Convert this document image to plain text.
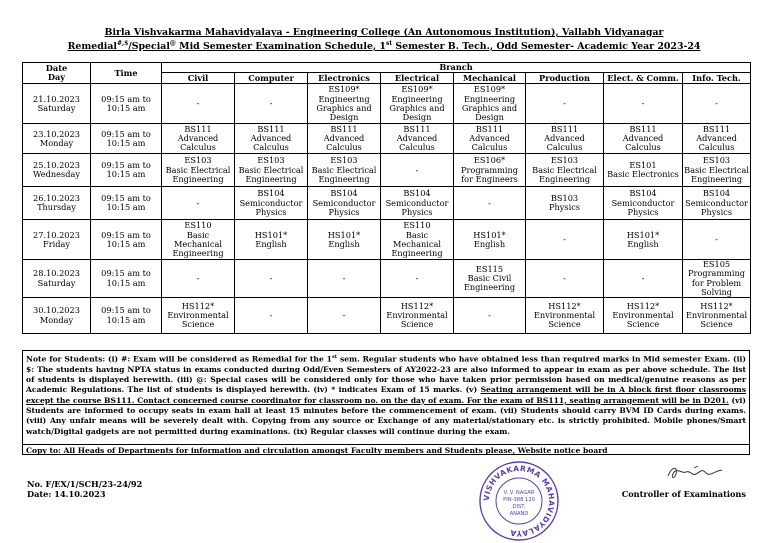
Birla Vishvakarma Mahavidyalaya - Engineering College (An Autonomous Institution), Vallabh Vidyanagar
Remedial#,$/Special@ Mid Semester Examination Schedule, 1st Semester B. Tech., Odd Semester- Academic Year 2023-24
Date
Day	Time	Branch							
		Civil	Computer	Electronics	Electrical	Mechanical	Production	Elect. & Comm.	Info. Tech.

21.10.2023
Saturday	09:15 am to
10:15 am	-	-	ES109*
Engineering
Graphics and
Design	ES109*
Engineering
Graphics and
Design	ES109*
Engineering
Graphics and
Design	-	-	-

23.10.2023
Monday	09:15 am to
10:15 am	BS111
Advanced
Calculus	BS111
Advanced
Calculus	BS111
Advanced
Calculus	BS111
Advanced
Calculus	BS111
Advanced
Calculus	BS111
Advanced
Calculus	BS111
Advanced
Calculus	BS111
Advanced
Calculus

25.10.2023
Wednesday	09:15 am to
10:15 am	ES103
Basic Electrical
Engineering	ES103
Basic Electrical
Engineering	ES103
Basic Electrical
Engineering	-	ES106*
Programming
for Engineers	ES103
Basic Electrical
Engineering	ES101
Basic Electronics	ES103
Basic Electrical
Engineering

26.10.2023
Thursday	09:15 am to
10:15 am	-	BS104
Semiconductor
Physics	BS104
Semiconductor
Physics	BS104
Semiconductor
Physics	-	BS103
Physics	BS104
Semiconductor
Physics	BS104
Semiconductor
Physics

27.10.2023
Friday	09:15 am to
10:15 am	ES110
Basic
Mechanical
Engineering	HS101*
English	HS101*
English	ES110
Basic
Mechanical
Engineering	HS101*
English	-	HS101*
English	-

28.10.2023
Saturday	09:15 am to
10:15 am	-	-	-	-	ES115
Basic Civil
Engineering	-	-	ES105
Programming
for Problem
Solving

30.10.2023
Monday	09:15 am to
10:15 am	HS112*
Environmental
Science	-	-	HS112*
Environmental
Science	-	HS112*
Environmental
Science	HS112*
Environmental
Science	HS112*
Environmental
Science
Note for Students: (i) #: Exam will be considered as Remedial for the 1st sem. Regular students who have obtained less than required marks in Mid semester Exam. (ii) $: The students having NPTA status in exams conducted during Odd/Even Semesters of AY2022-23 are also informed to appear in exam as per above schedule. The list of students is displayed herewith. (iii) @: Special cases will be considered only for those who have taken prior permission based on medical/genuine reasons as per Academic Regulations. The list of students is displayed herewith. (iv) * indicates Exam of 15 marks. (v) Seating arrangement will be in A block first floor classrooms except the course BS111. Contact concerned course coordinator for classroom no. on the day of exam. For the exam of BS111, seating arrangement will be in D201. (vi) Students are informed to occupy seats in exam hall at least 15 minutes before the commencement of exam. (vii) Students should carry BVM ID Cards during exams. (viii) Any unfair means will be severely dealt with. Copying from any source or Exchange of any material/stationary etc. is strictly prohibited. Mobile phones/Smart watch/Digital gadgets are not permitted during examinations. (ix) Regular classes will continue during the exam.
Copy to: All Heads of Departments for information and circulation amongst Faculty members and Students please, Website notice board
No. F/EX/1/SCH/23-24/92
Date: 14.10.2023	VISHVAKARMA MAHAVIDYALAYA
V. V. NAGAR
PIN-388 120
DIST.
ANAND
Controller of Examinations
